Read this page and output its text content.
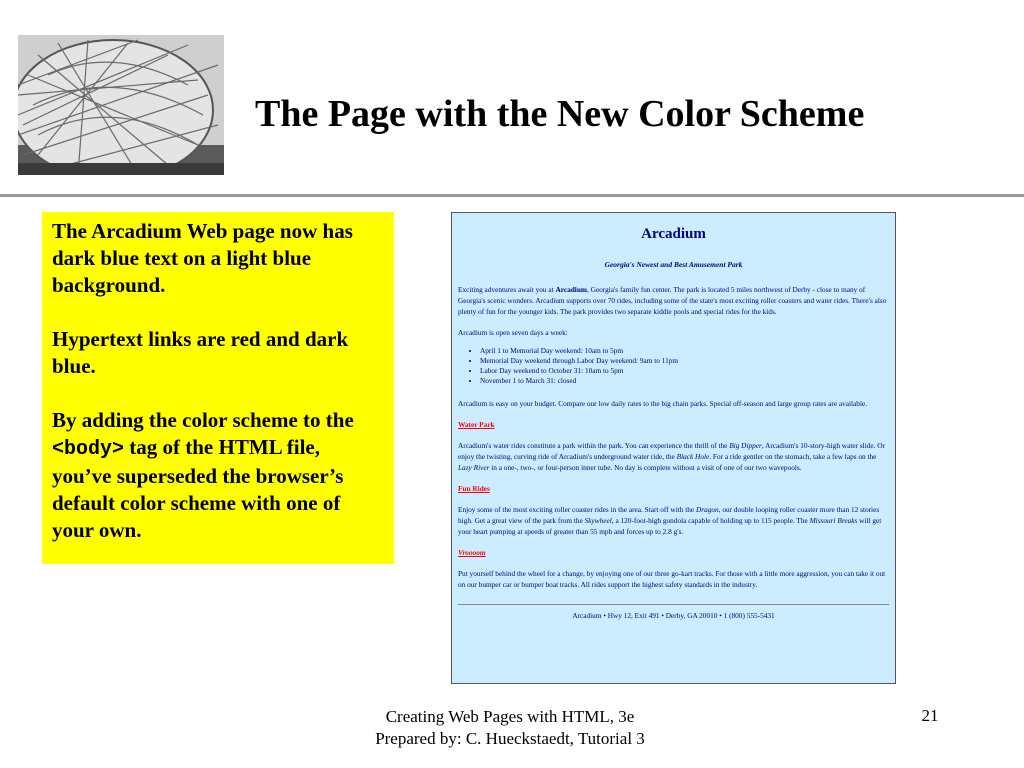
The Page with the New Color Scheme

The Arcadium Web page now has dark blue text on a light blue background.

Hypertext links are red and dark blue.

By adding the color scheme to the <body> tag of the HTML file, you’ve superseded the browser’s default color scheme with one of your own.

Arcadium
Georgia's Newest and Best Amusement Park

Exciting adventures await you at Arcadium, Georgia's family fun center. The park is located 5 miles northwest of Derby - close to many of Georgia's scenic wonders. Arcadium supports over 70 rides, including some of the state's most exciting roller coasters and water rides. There's also plenty of fun for the younger kids. The park provides two separate kiddie pools and special rides for the kids.

Arcadium is open seven days a week:

• April 1 to Memorial Day weekend: 10am to 5pm
• Memorial Day weekend through Labor Day weekend: 9am to 11pm
• Labor Day weekend to October 31: 10am to 5pm
• November 1 to March 31: closed

Arcadium is easy on your budget. Compare our low daily rates to the big chain parks. Special off-season and large group rates are available.

Water Park

Arcadium's water rides constitute a park within the park. You can experience the thrill of the Big Dipper, Arcadium's 10-story-high water slide. Or enjoy the twisting, curving ride of Arcadium's underground water ride, the Black Hole. For a ride gentler on the stomach, take a few laps on the Lazy River in a one-, two-, or four-person inner tube. No day is complete without a visit of one of our two wavepools.

Fun Rides

Enjoy some of the most exciting roller coaster rides in the area. Start off with the Dragon, our double looping roller coaster more than 12 stories high. Get a great view of the park from the Skywheel, a 120-foot-high gondola capable of holding up to 115 people. The Missouri Breaks will get your heart pumping at speeds of greater than 55 mph and forces up to 2.8 g's.

Vroooom

Put yourself behind the wheel for a change, by enjoying one of our three go-kart tracks. For those with a little more aggression, you can take it out on our bumper car or bumper boat tracks. All rides support the highest safety standards in the industry.

Arcadium • Hwy 12, Exit 491 • Derby, GA 20010 • 1 (800) 555-5431
Creating Web Pages with HTML, 3e
Prepared by: C. Hueckstaedt, Tutorial 3
21
